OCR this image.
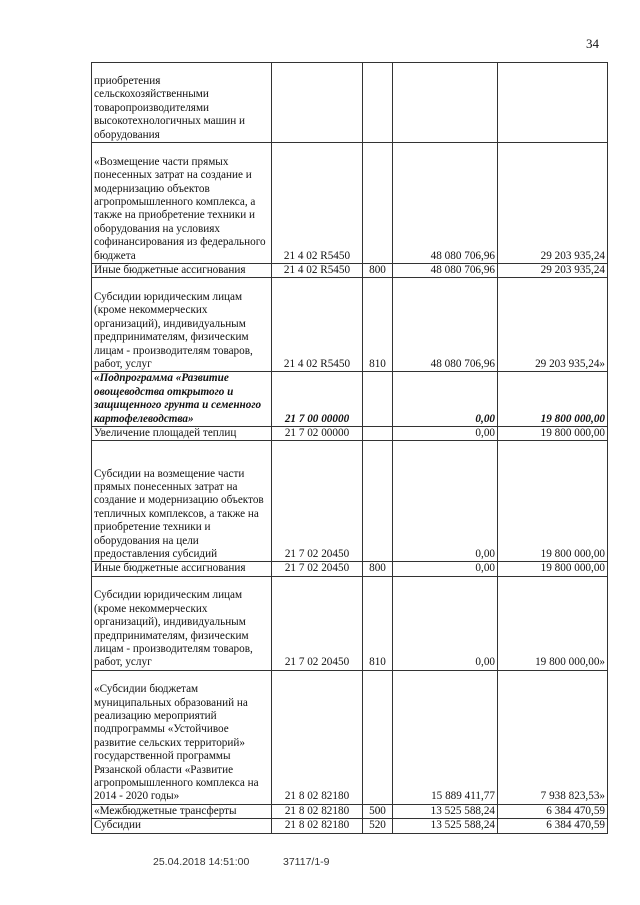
34
приобретения сельскохозяйственными товаропроизводителями высокотехнологичных машин и оборудования				
«Возмещение части прямых понесенных затрат на создание и модернизацию объектов агропромышленного комплекса, а также на приобретение техники и оборудования на условиях софинансирования из федерального бюджета	21 4 02 R5450		48 080 706,96	29 203 935,24
Иные бюджетные ассигнования	21 4 02 R5450	800	48 080 706,96	29 203 935,24
Субсидии юридическим лицам (кроме некоммерческих организаций), индивидуальным предпринимателям, физическим лицам - производителям товаров, работ, услуг	21 4 02 R5450	810	48 080 706,96	29 203 935,24»
«Подпрограмма «Развитие овощеводства открытого и защищенного грунта и семенного картофелеводства»	21 7 00 00000		0,00	19 800 000,00
Увеличение площадей теплиц	21 7 02 00000		0,00	19 800 000,00
Субсидии на возмещение части прямых понесенных затрат на создание и модернизацию объектов тепличных комплексов, а также на приобретение техники и оборудования на цели предоставления субсидий	21 7 02 20450		0,00	19 800 000,00
Иные бюджетные ассигнования	21 7 02 20450	800	0,00	19 800 000,00
Субсидии юридическим лицам (кроме некоммерческих организаций), индивидуальным предпринимателям, физическим лицам - производителям товаров, работ, услуг	21 7 02 20450	810	0,00	19 800 000,00»
«Субсидии бюджетам муниципальных образований на реализацию мероприятий подпрограммы «Устойчивое развитие сельских территорий» государственной программы Рязанской области «Развитие агропромышленного комплекса на 2014 - 2020 годы»	21 8 02 82180		15 889 411,77	7 938 823,53»
«Межбюджетные трансферты	21 8 02 82180	500	13 525 588,24	6 384 470,59
Субсидии	21 8 02 82180	520	13 525 588,24	6 384 470,59
25.04.2018 14:51:00	37117/1-9
